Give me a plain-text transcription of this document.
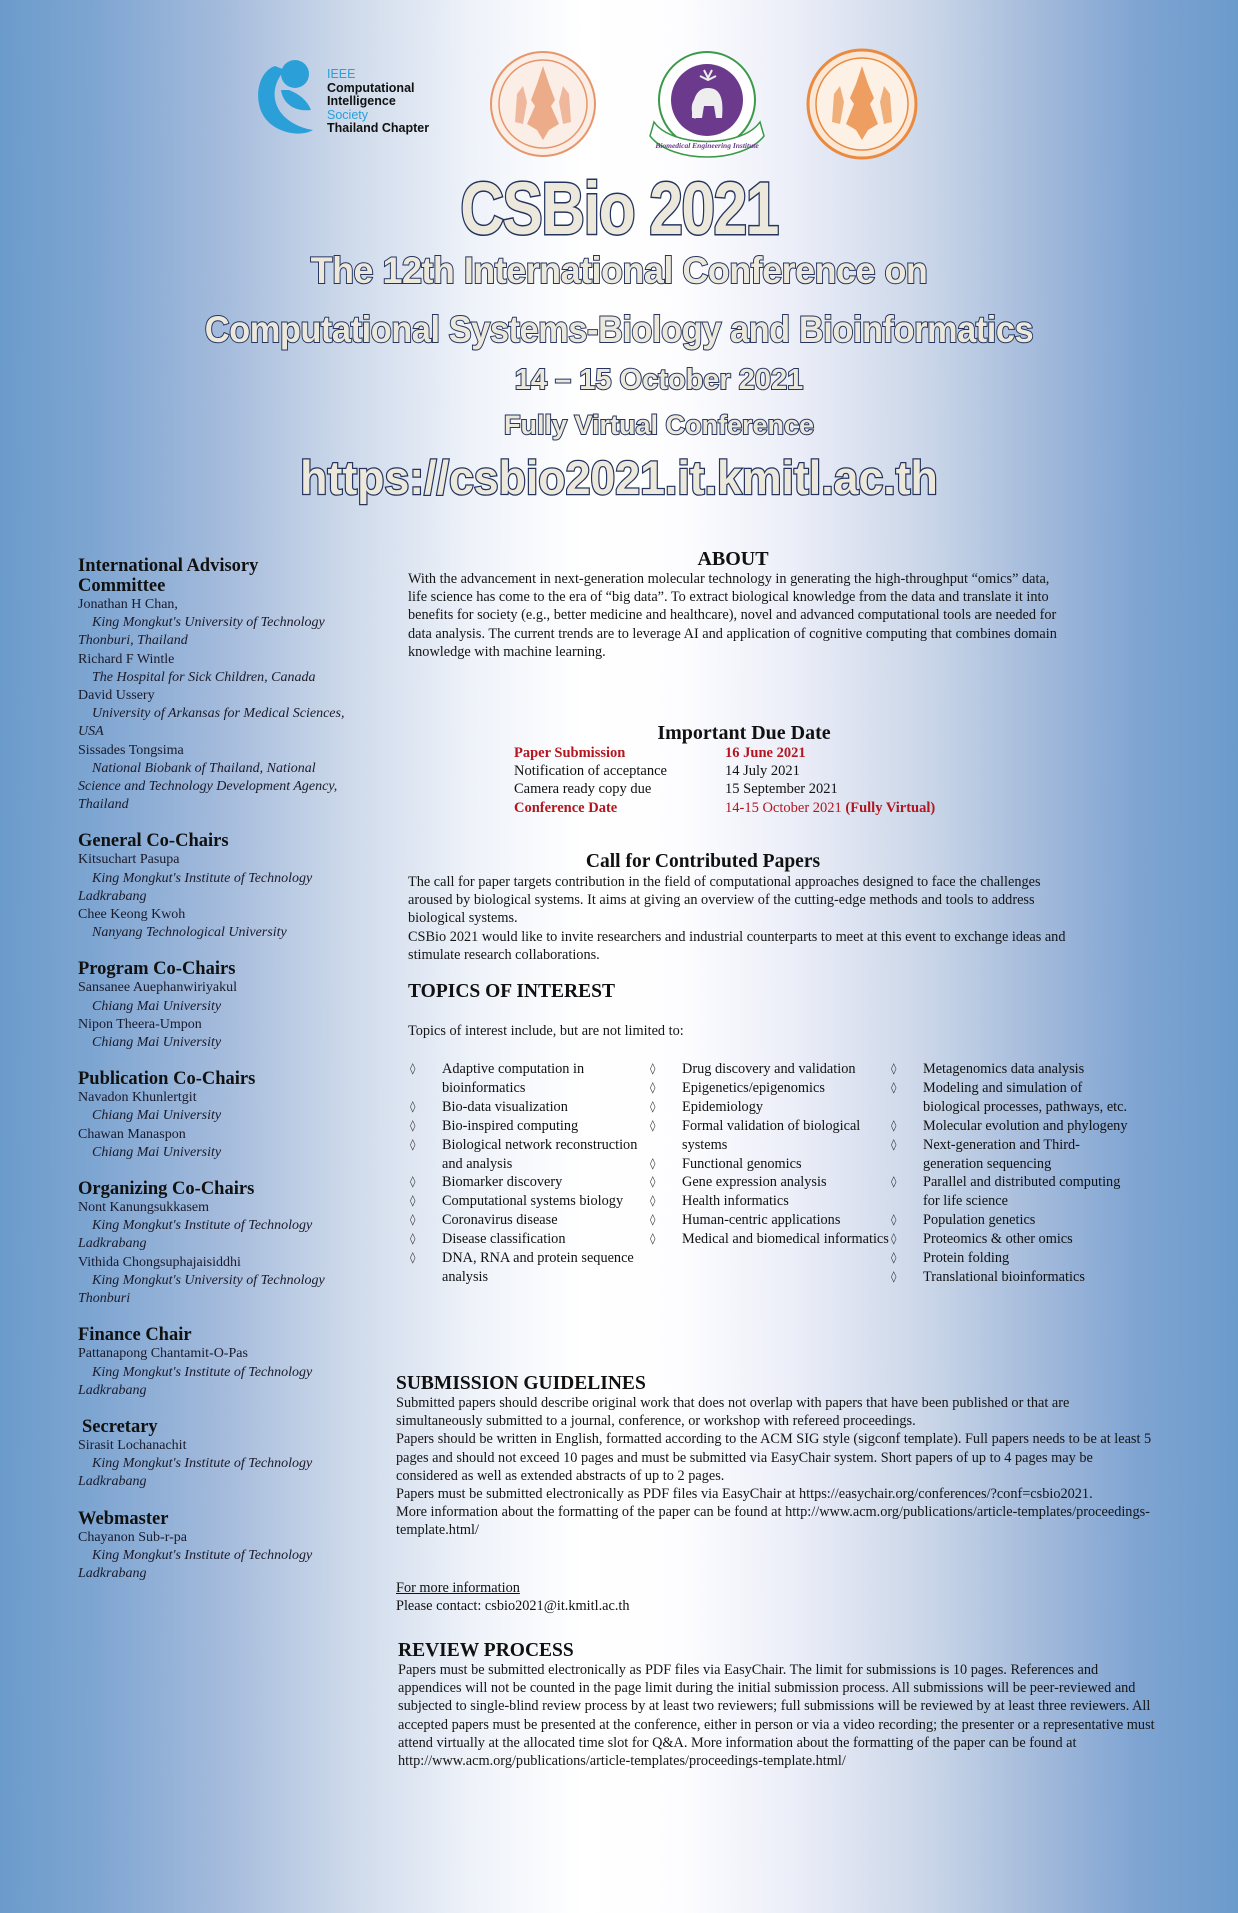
IEEE
Computational
Intelligence
Society
Thailand Chapter
Biomedical Engineering Institute
CSBio 2021
The 12th International Conference on
Computational Systems-Biology and Bioinformatics
14 – 15 October 2021
Fully Virtual Conference
https://csbio2021.it.kmitl.ac.th
International Advisory Committee
Jonathan H Chan,
King Mongkut's University of Technology Thonburi, Thailand
Richard F Wintle
The Hospital for Sick Children, Canada
David Ussery
University of Arkansas for Medical Sciences, USA
Sissades Tongsima
National Biobank of Thailand, National Science and Technology Development Agency, Thailand
General Co-Chairs
Kitsuchart Pasupa
King Mongkut's Institute of Technology Ladkrabang
Chee Keong Kwoh
Nanyang Technological University
Program Co-Chairs
Sansanee Auephanwiriyakul
Chiang Mai University
Nipon Theera-Umpon
Chiang Mai University
Publication Co-Chairs
Navadon Khunlertgit
Chiang Mai University
Chawan Manaspon
Chiang Mai University
Organizing Co-Chairs
Nont Kanungsukkasem
King Mongkut's Institute of Technology Ladkrabang
Vithida Chongsuphajaisiddhi
King Mongkut's University of Technology Thonburi
Finance Chair
Pattanapong Chantamit-O-Pas
King Mongkut's Institute of Technology Ladkrabang
Secretary
Sirasit Lochanachit
King Mongkut's Institute of Technology Ladkrabang
Webmaster
Chayanon Sub-r-pa
King Mongkut's Institute of Technology Ladkrabang
ABOUT

With the advancement in next-generation molecular technology in generating the high-throughput “omics” data, life science has come to the era of “big data”. To extract biological knowledge from the data and translate it into benefits for society (e.g., better medicine and healthcare), novel and advanced computational tools are needed for data analysis. The current trends are to leverage AI and application of cognitive computing that combines domain knowledge with machine learning.

Important Due Date
Paper Submission	16 June 2021
Notification of acceptance	14 July 2021
Camera ready copy due	15 September 2021
Conference Date	14-15 October 2021 (Fully Virtual)
Call for Contributed Papers

The call for paper targets contribution in the field of computational approaches designed to face the challenges aroused by biological systems. It aims at giving an overview of the cutting-edge methods and tools to address biological systems.

CSBio 2021 would like to invite researchers and industrial counterparts to meet at this event to exchange ideas and stimulate research collaborations.

TOPICS OF INTEREST
Topics of interest include, but are not limited to:
◊	Adaptive computation in bioinformatics
◊	Bio-data visualization
◊	Bio-inspired computing
◊	Biological network reconstruction and analysis
◊	Biomarker discovery
◊	Computational systems biology
◊	Coronavirus disease
◊	Disease classification
◊	DNA, RNA and protein sequence analysis
◊	Drug discovery and validation
◊	Epigenetics/epigenomics
◊	Epidemiology
◊	Formal validation of biological systems
◊	Functional genomics
◊	Gene expression analysis
◊	Health informatics
◊	Human-centric applications
◊	Medical and biomedical informatics
◊	Metagenomics data analysis
◊	Modeling and simulation of biological processes, pathways, etc.
◊	Molecular evolution and phylogeny
◊	Next-generation and Third-generation sequencing
◊	Parallel and distributed computing for life science
◊	Population genetics
◊	Proteomics & other omics
◊	Protein folding
◊	Translational bioinformatics
SUBMISSION GUIDELINES

Submitted papers should describe original work that does not overlap with papers that have been published or that are simultaneously submitted to a journal, conference, or workshop with refereed proceedings.

Papers should be written in English, formatted according to the ACM SIG style (sigconf template). Full papers needs to be at least 5 pages and should not exceed 10 pages and must be submitted via EasyChair system. Short papers of up to 4 pages may be considered as well as extended abstracts of up to 2 pages.

Papers must be submitted electronically as PDF files via EasyChair at https://easychair.org/conferences/?conf=csbio2021.

More information about the formatting of the paper can be found at http://www.acm.org/publications/article-templates/proceedings-template.html/

For more information
Please contact: csbio2021@it.kmitl.ac.th
REVIEW PROCESS

Papers must be submitted electronically as PDF files via EasyChair. The limit for submissions is 10 pages. References and appendices will not be counted in the page limit during the initial submission process. All submissions will be peer-reviewed and subjected to single-blind review process by at least two reviewers; full submissions will be reviewed by at least three reviewers. All accepted papers must be presented at the conference, either in person or via a video recording; the presenter or a representative must attend virtually at the allocated time slot for Q&A. More information about the formatting of the paper can be found at http://www.acm.org/publications/article-templates/proceedings-template.html/
